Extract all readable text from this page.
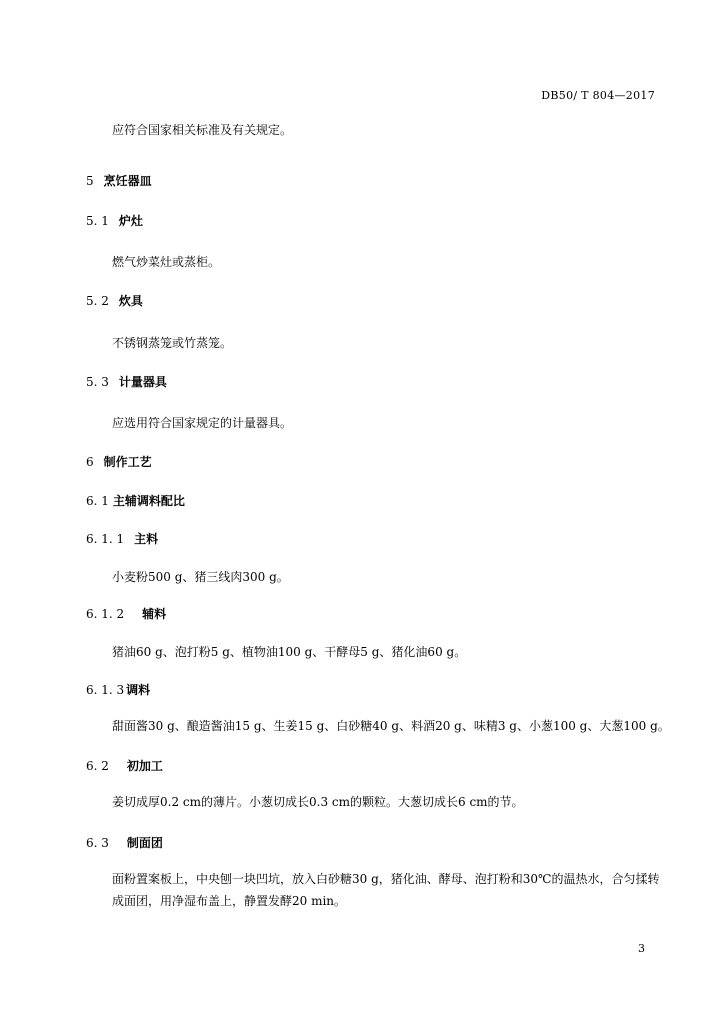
DB50/ T 804—2017
应符合国家相关标准及有关规定。
5 烹饪器皿
5. 1 炉灶
燃气炒菜灶或蒸柜。
5. 2 炊具
不锈钢蒸笼或竹蒸笼。
5. 3 计量器具
应选用符合国家规定的计量器具。
6 制作工艺
6. 1 主辅调料配比
6. 1. 1 主料
小麦粉500 g、猪三线肉300 g。
6. 1. 2 辅料
猪油60 g、泡打粉5 g、植物油100 g、干酵母5 g、猪化油60 g。
6. 1. 3 调料
甜面酱30 g、酿造酱油15 g、生姜15 g、白砂糖40 g、料酒20 g、味精3 g、小葱100 g、大葱100 g。
6. 2 初加工
姜切成厚0.2 cm的薄片。小葱切成长0.3 cm的颗粒。大葱切成长6 cm的节。
6. 3 制面团
面粉置案板上，中央刨一块凹坑，放入白砂糖30 g，猪化油、酵母、泡打粉和30℃的温热水，合匀揉转成面团，用净湿布盖上，静置发酵20 min。
3
